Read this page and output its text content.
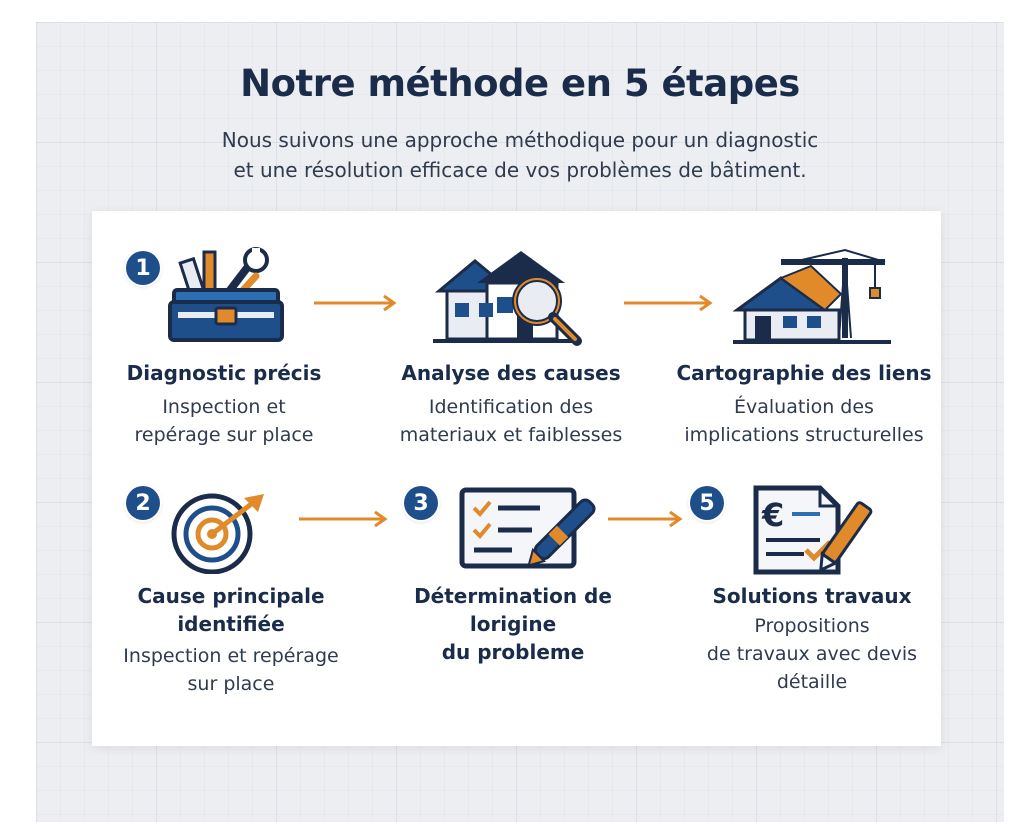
Notre méthode en 5 étapes
Nous suivons une approche méthodique pour un diagnostic
et une résolution efficace de vos problèmes de bâtiment.
1
Diagnostic précis
Inspection et
repérage sur place
Analyse des causes
Identification des
materiaux et faiblesses
Cartographie des liens
Évaluation des
implications structurelles
2
Cause principale
identifiée
Inspection et repérage
sur place
3
Détermination de lorigine
du probleme
5 €
Solutions travaux
Propositions
de travaux avec devis
détaille
